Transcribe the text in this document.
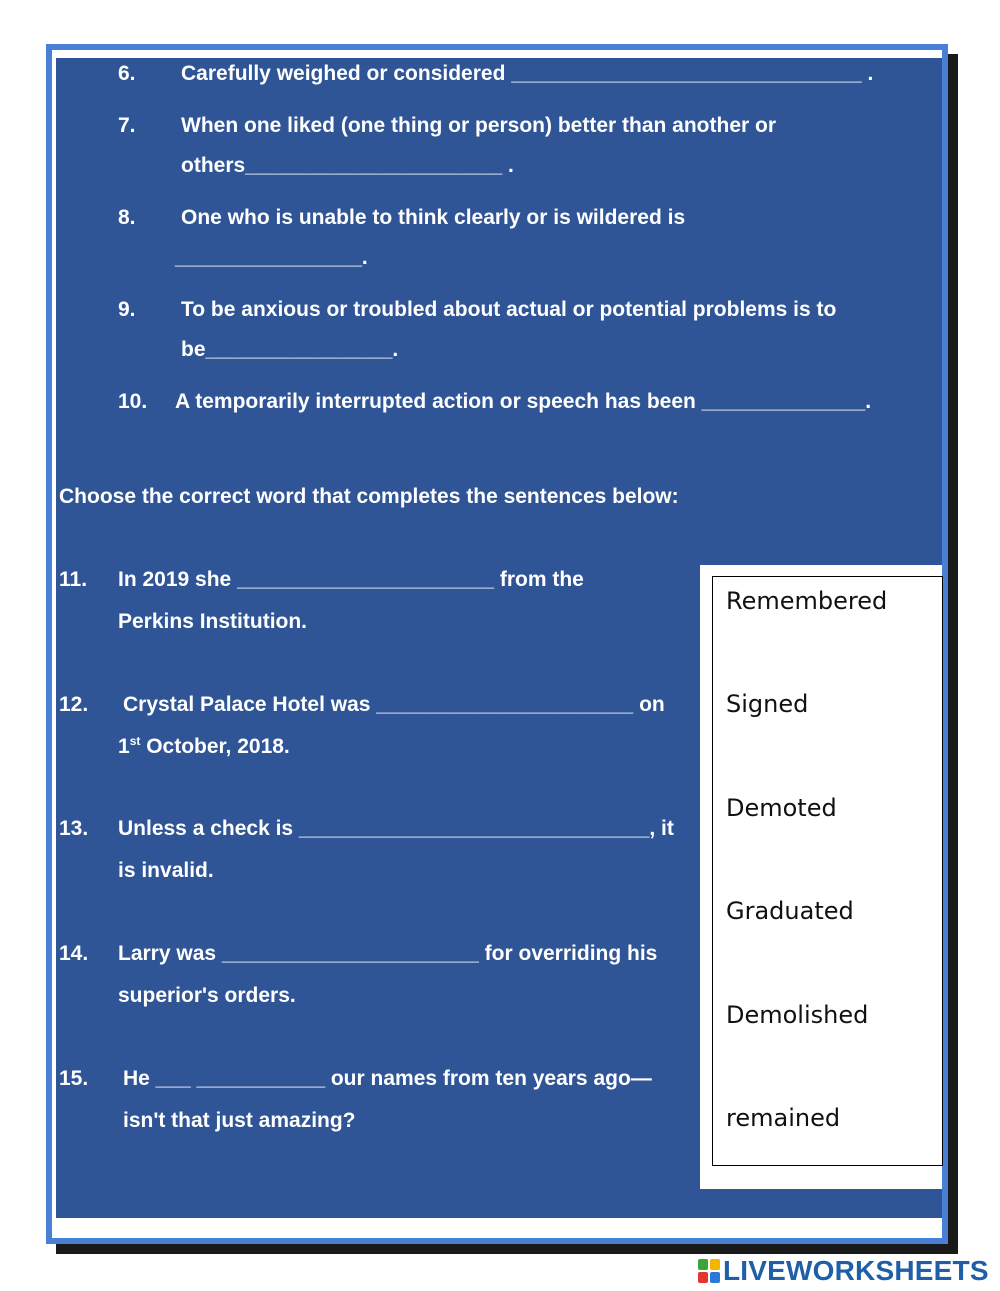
6. Carefully weighed or considered ______________________________ .
7. When one liked (one thing or person) better than another or
others______________________ .
8. One who is unable to think clearly or is wildered is
________________.
9. To be anxious or troubled about actual or potential problems is to
be________________.
10. A temporarily interrupted action or speech has been ______________.
Choose the correct word that completes the sentences below:
11. In 2019 she ______________________ from the
Perkins Institution.
12. Crystal Palace Hotel was ______________________ on
1st October, 2018.
13. Unless a check is ______________________________, it
is invalid.
14. Larry was ______________________ for overriding his
superior's orders.
15. He ___ ___________ our names from ten years ago—
isn't that just amazing?
Remembered
Signed
Demoted
Graduated
Demolished
remained
LIVEWORKSHEETS
